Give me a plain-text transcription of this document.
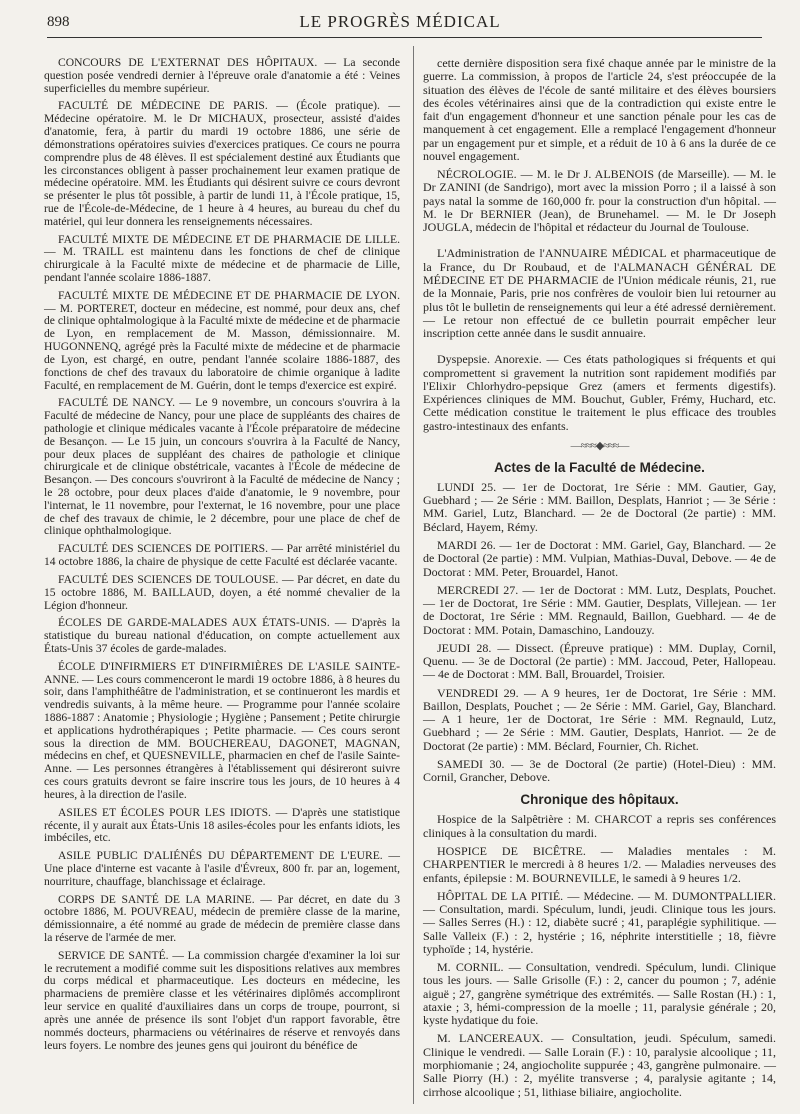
898	LE PROGRÈS MÉDICAL

CONCOURS DE L'EXTERNAT DES HÔPITAUX. — La seconde question posée vendredi dernier à l'épreuve orale d'anatomie a été : Veines superficielles du membre supérieur.

FACULTÉ DE MÉDECINE DE PARIS. — (École pratique). — Médecine opératoire. M. le Dr MICHAUX, prosecteur, assisté d'aides d'anatomie, fera, à partir du mardi 19 octobre 1886, une série de démonstrations opératoires suivies d'exercices pratiques. Ce cours ne pourra comprendre plus de 48 élèves. Il est spécialement destiné aux Étudiants que les circonstances obligent à passer prochainement leur examen pratique de médecine opératoire. MM. les Étudiants qui désirent suivre ce cours devront se présenter le plus tôt possible, à partir de lundi 11, à l'École pratique, 15, rue de l'École-de-Médecine, de 1 heure à 4 heures, au bureau du chef du matériel, qui leur donnera les renseignements nécessaires.

FACULTÉ MIXTE DE MÉDECINE ET DE PHARMACIE DE LILLE. — M. TRAILL est maintenu dans les fonctions de chef de clinique chirurgicale à la Faculté mixte de médecine et de pharmacie de Lille, pendant l'année scolaire 1886-1887.

FACULTÉ MIXTE DE MÉDECINE ET DE PHARMACIE DE LYON. — M. PORTERET, docteur en médecine, est nommé, pour deux ans, chef de clinique ophtalmologique à la Faculté mixte de médecine et de pharmacie de Lyon, en remplacement de M. Masson, démissionnaire. M. HUGONNENQ, agrégé près la Faculté mixte de médecine et de pharmacie de Lyon, est chargé, en outre, pendant l'année scolaire 1886-1887, des fonctions de chef des travaux du laboratoire de chimie organique à ladite Faculté, en remplacement de M. Guérin, dont le temps d'exercice est expiré.

FACULTÉ DE NANCY. — Le 9 novembre, un concours s'ouvrira à la Faculté de médecine de Nancy, pour une place de suppléants des chaires de pathologie et clinique médicales vacante à l'École préparatoire de médecine de Besançon. — Le 15 juin, un concours s'ouvrira à la Faculté de Nancy, pour deux places de suppléant des chaires de pathologie et clinique chirurgicale et de clinique obstétricale, vacantes à l'École de médecine de Besançon. — Des concours s'ouvriront à la Faculté de médecine de Nancy ; le 28 octobre, pour deux places d'aide d'anatomie, le 9 novembre, pour l'internat, le 11 novembre, pour l'externat, le 16 novembre, pour une place de chef des travaux de chimie, le 2 décembre, pour une place de chef de clinique ophthalmologique.

FACULTÉ DES SCIENCES DE POITIERS. — Par arrêté ministériel du 14 octobre 1886, la chaire de physique de cette Faculté est déclarée vacante.

FACULTÉ DES SCIENCES DE TOULOUSE. — Par décret, en date du 15 octobre 1886, M. BAILLAUD, doyen, a été nommé chevalier de la Légion d'honneur.

ÉCOLES DE GARDE-MALADES AUX ÉTATS-UNIS. — D'après la statistique du bureau national d'éducation, on compte actuellement aux États-Unis 37 écoles de garde-malades.

ÉCOLE D'INFIRMIERS ET D'INFIRMIÈRES DE L'ASILE SAINTE-ANNE. — Les cours commenceront le mardi 19 octobre 1886, à 8 heures du soir, dans l'amphithéâtre de l'administration, et se continueront les mardis et vendredis suivants, à la même heure. — Programme pour l'année scolaire 1886-1887 : Anatomie ; Physiologie ; Hygiène ; Pansement ; Petite chirurgie et applications hydrothérapiques ; Petite pharmacie. — Ces cours seront sous la direction de MM. BOUCHEREAU, DAGONET, MAGNAN, médecins en chef, et QUESNEVILLE, pharmacien en chef de l'asile Sainte-Anne. — Les personnes étrangères à l'établissement qui désireront suivre ces cours gratuits devront se faire inscrire tous les jours, de 10 heures à 4 heures, à la direction de l'asile.

ASILES ET ÉCOLES POUR LES IDIOTS. — D'après une statistique récente, il y aurait aux États-Unis 18 asiles-écoles pour les enfants idiots, les imbéciles, etc.

ASILE PUBLIC D'ALIÉNÉS DU DÉPARTEMENT DE L'EURE. — Une place d'interne est vacante à l'asile d'Évreux, 800 fr. par an, logement, nourriture, chauffage, blanchissage et éclairage.

CORPS DE SANTÉ DE LA MARINE. — Par décret, en date du 3 octobre 1886, M. POUVREAU, médecin de première classe de la marine, démissionnaire, a été nommé au grade de médecin de première classe dans la réserve de l'armée de mer.

SERVICE DE SANTÉ. — La commission chargée d'examiner la loi sur le recrutement a modifié comme suit les dispositions relatives aux membres du corps médical et pharmaceutique. Les docteurs en médecine, les pharmaciens de première classe et les vétérinaires diplômés accompliront leur service en qualité d'auxiliaires dans un corps de troupe, pourront, si après une année de présence ils sont l'objet d'un rapport favorable, être nommés docteurs, pharmaciens ou vétérinaires de réserve et renvoyés dans leurs foyers. Le nombre des jeunes gens qui jouiront du bénéfice de

cette dernière disposition sera fixé chaque année par le ministre de la guerre. La commission, à propos de l'article 24, s'est préoccupée de la situation des élèves de l'école de santé militaire et des élèves boursiers des écoles vétérinaires ainsi que de la contradiction qui existe entre le fait d'un engagement d'honneur et une sanction pénale pour les cas de manquement à cet engagement. Elle a remplacé l'engagement d'honneur par un engagement pur et simple, et a réduit de 10 à 6 ans la durée de ce nouvel engagement.

NÉCROLOGIE. — M. le Dr J. ALBENOIS (de Marseille). — M. le Dr ZANINI (de Sandrigo), mort avec la mission Porro ; il a laissé à son pays natal la somme de 160,000 fr. pour la construction d'un hôpital. — M. le Dr BERNIER (Jean), de Brunehamel. — M. le Dr Joseph JOUGLA, médecin de l'hôpital et rédacteur du Journal de Toulouse.

L'Administration de l'ANNUAIRE MÉDICAL et pharmaceutique de la France, du Dr Roubaud, et de l'ALMANACH GÉNÉRAL DE MÉDECINE ET DE PHARMACIE de l'Union médicale réunis, 21, rue de la Monnaie, Paris, prie nos confrères de vouloir bien lui retourner au plus tôt le bulletin de renseignements qui leur a été adressé dernièrement. — Le retour non effectué de ce bulletin pourrait empêcher leur inscription cette année dans le susdit annuaire.

Dyspepsie. Anorexie. — Ces états pathologiques si fréquents et qui compromettent si gravement la nutrition sont rapidement modifiés par l'Elixir Chlorhydro-pepsique Grez (amers et ferments digestifs). Expériences cliniques de MM. Bouchut, Gubler, Frémy, Huchard, etc. Cette médication constitue le traitement le plus efficace des troubles gastro-intestinaux des enfants.

—≈≈≈◆≈≈≈—
Actes de la Faculté de Médecine.

LUNDI 25. — 1er de Doctorat, 1re Série : MM. Gautier, Gay, Guebhard ; — 2e Série : MM. Baillon, Desplats, Hanriot ; — 3e Série : MM. Gariel, Lutz, Blanchard. — 2e de Doctoral (2e partie) : MM. Béclard, Hayem, Rémy.

MARDI 26. — 1er de Doctorat : MM. Gariel, Gay, Blanchard. — 2e de Doctoral (2e partie) : MM. Vulpian, Mathias-Duval, Debove. — 4e de Doctorat : MM. Peter, Brouardel, Hanot.

MERCREDI 27. — 1er de Doctorat : MM. Lutz, Desplats, Pouchet. — 1er de Doctorat, 1re Série : MM. Gautier, Desplats, Villejean. — 1er de Doctorat, 1re Série : MM. Regnauld, Baillon, Guebhard. — 4e de Doctorat : MM. Potain, Damaschino, Landouzy.

JEUDI 28. — Dissect. (Épreuve pratique) : MM. Duplay, Cornil, Quenu. — 3e de Doctoral (2e partie) : MM. Jaccoud, Peter, Hallopeau. — 4e de Doctorat : MM. Ball, Brouardel, Troisier.

VENDREDI 29. — A 9 heures, 1er de Doctorat, 1re Série : MM. Baillon, Desplats, Pouchet ; — 2e Série : MM. Gariel, Gay, Blanchard. — A 1 heure, 1er de Doctorat, 1re Série : MM. Regnauld, Lutz, Guebhard ; — 2e Série : MM. Gautier, Desplats, Hanriot. — 2e de Doctorat (2e partie) : MM. Béclard, Fournier, Ch. Richet.

SAMEDI 30. — 3e de Doctoral (2e partie) (Hotel-Dieu) : MM. Cornil, Grancher, Debove.

Chronique des hôpitaux.

Hospice de la Salpêtrière : M. CHARCOT a repris ses conférences cliniques à la consultation du mardi.

HOSPICE DE BICÊTRE. — Maladies mentales : M. CHARPENTIER le mercredi à 8 heures 1/2. — Maladies nerveuses des enfants, épilepsie : M. BOURNEVILLE, le samedi à 9 heures 1/2.

HÔPITAL DE LA PITIÉ. — Médecine. — M. DUMONTPALLIER. — Consultation, mardi. Spéculum, lundi, jeudi. Clinique tous les jours. — Salles Serres (H.) : 12, diabète sucré ; 41, paraplégie syphilitique. — Salle Valleix (F.) : 2, hystérie ; 16, néphrite interstitielle ; 18, fièvre typhoïde ; 14, hystérie.

M. CORNIL. — Consultation, vendredi. Spéculum, lundi. Clinique tous les jours. — Salle Grisolle (F.) : 2, cancer du poumon ; 7, adénie aiguë ; 27, gangrène symétrique des extrémités. — Salle Rostan (H.) : 1, ataxie ; 3, hémi-compression de la moelle ; 11, paralysie générale ; 20, kyste hydatique du foie.

M. LANCEREAUX. — Consultation, jeudi. Spéculum, samedi. Clinique le vendredi. — Salle Lorain (F.) : 10, paralysie alcoolique ; 11, morphiomanie ; 24, angiocholite suppurée ; 43, gangrène pulmonaire. — Salle Piorry (H.) : 2, myélite transverse ; 4, paralysie agitante ; 14, cirrhose alcoolique ; 51, lithiase biliaire, angiocholite.
